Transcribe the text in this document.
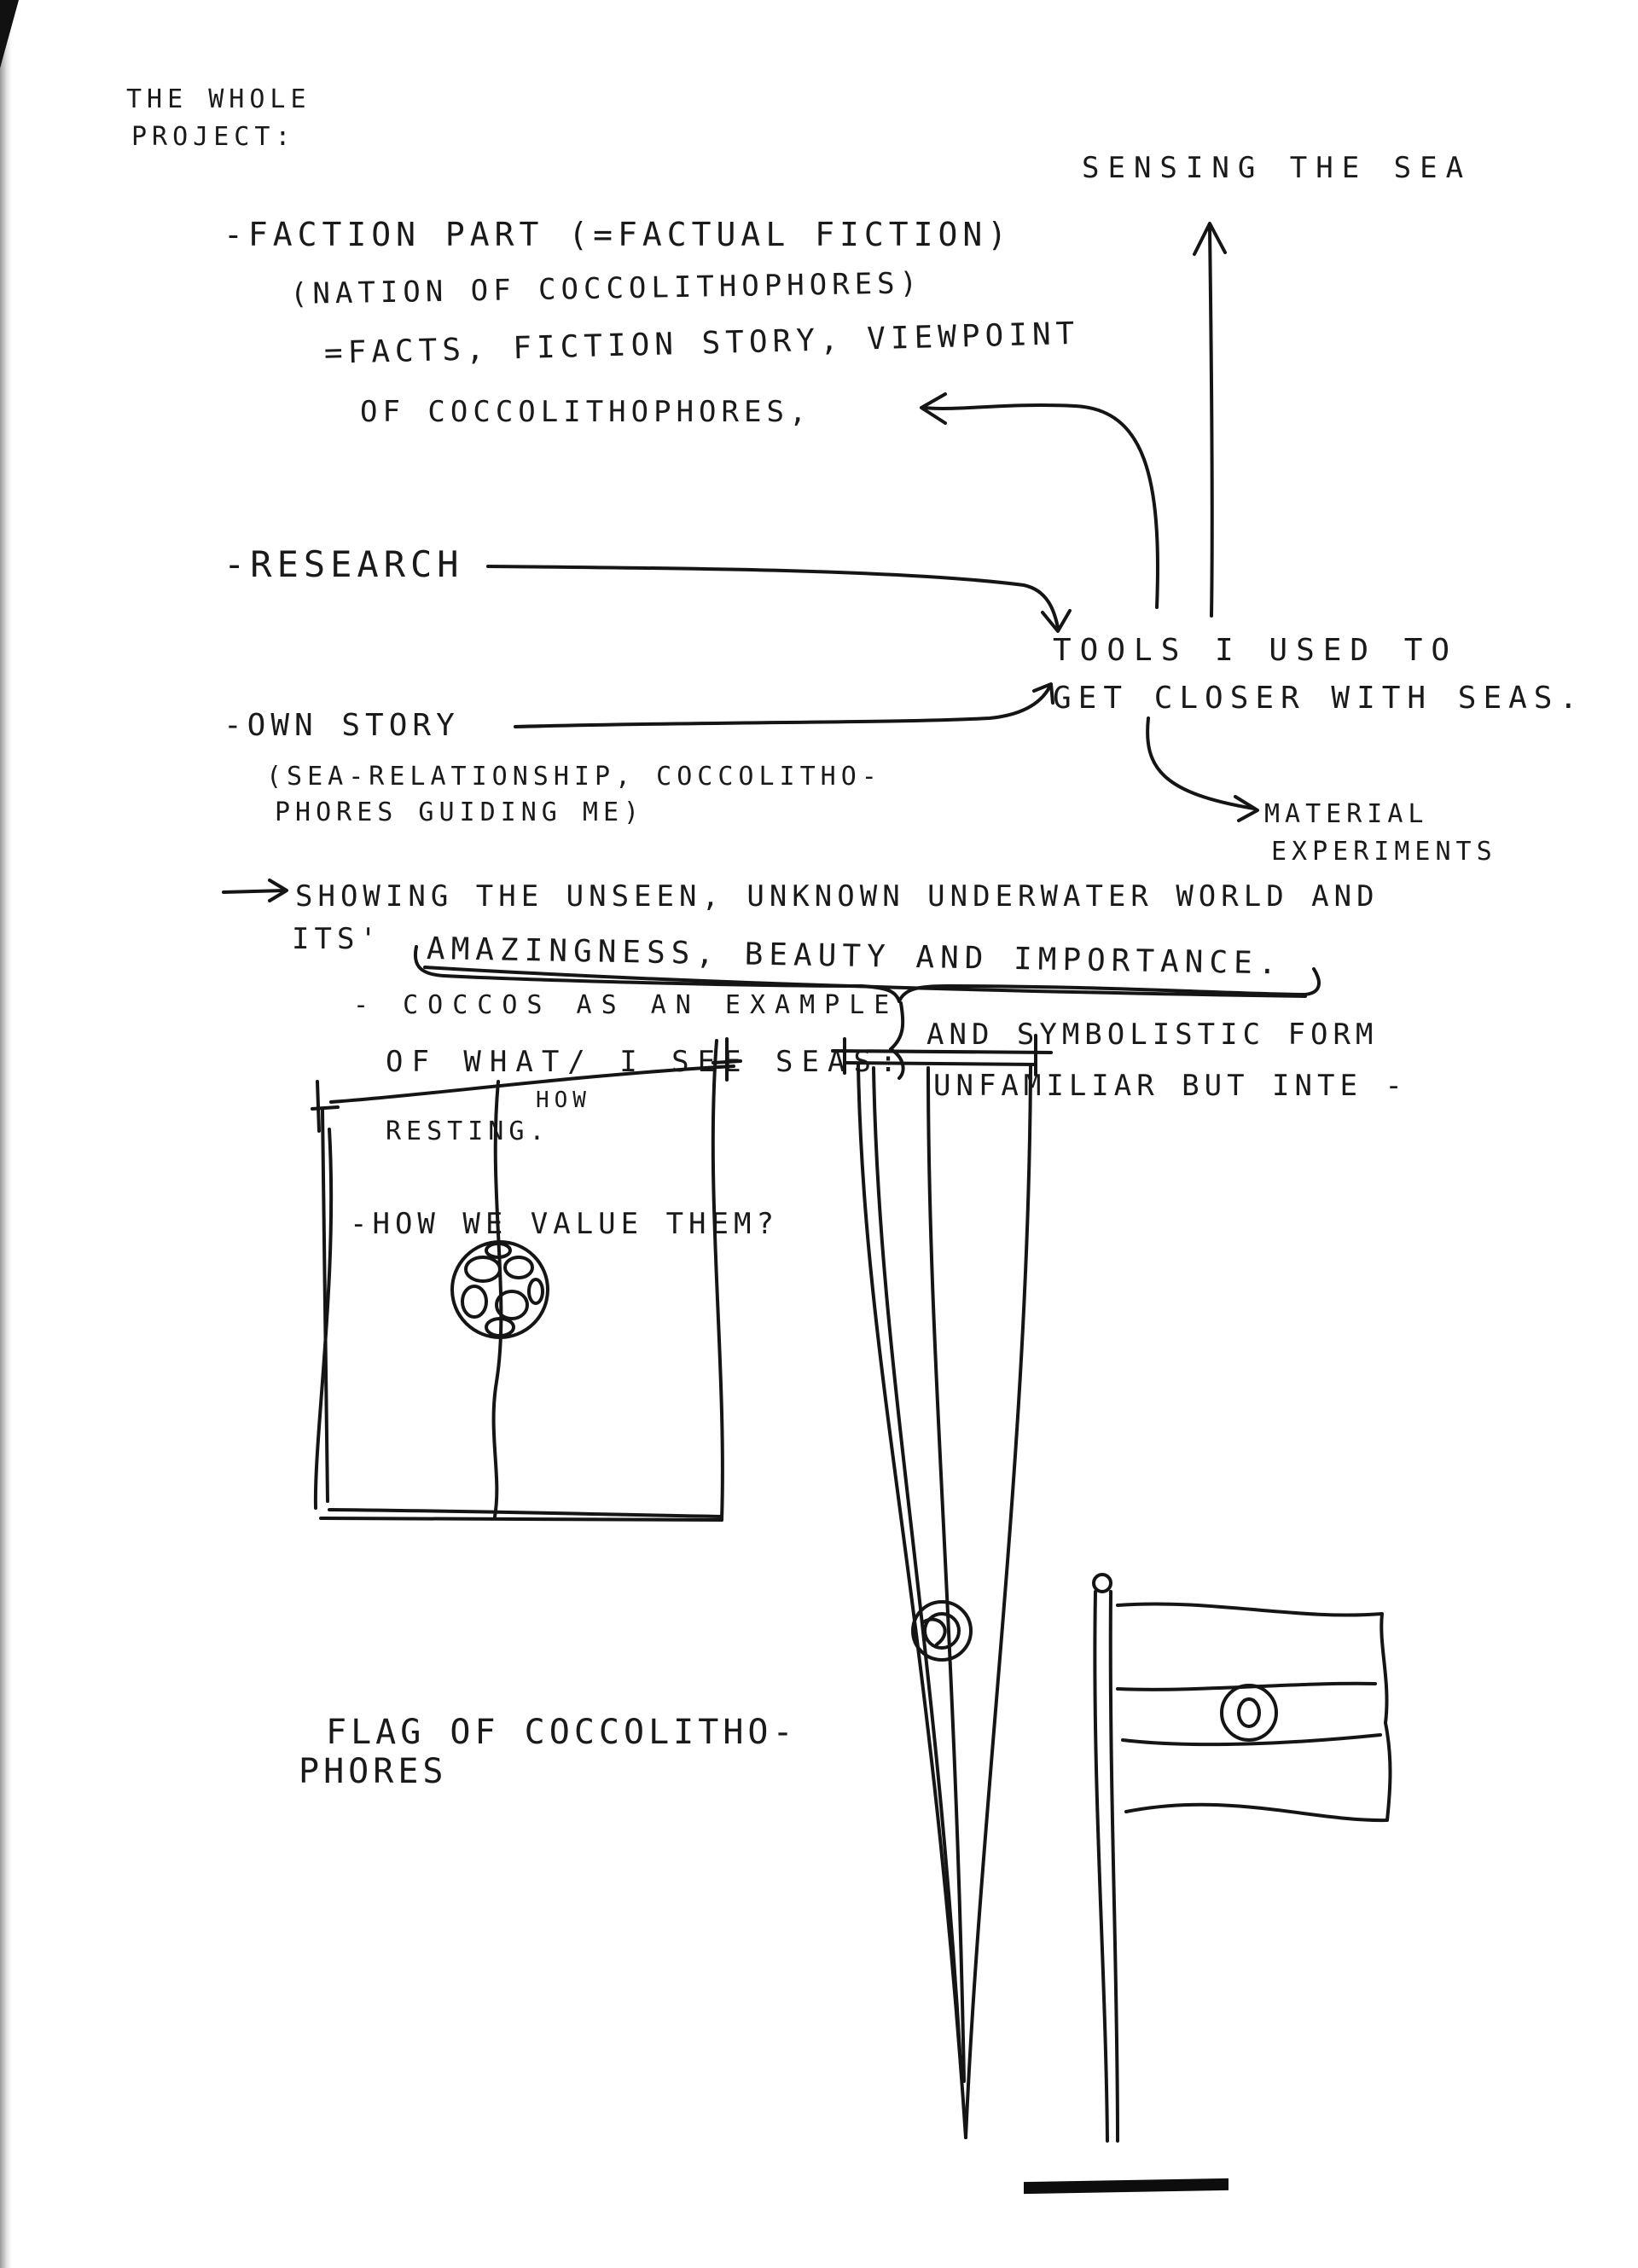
THE WHOLE
PROJECT:
SENSING THE SEA
-FACTION PART (=FACTUAL FICTION)
(NATION OF COCCOLITHOPHORES)
=FACTS, FICTION STORY, VIEWPOINT
OF COCCOLITHOPHORES,
-RESEARCH
TOOLS I USED TO
GET CLOSER WITH SEAS.
MATERIAL
EXPERIMENTS
-OWN STORY
(SEA-RELATIONSHIP, COCCOLITHO-
PHORES GUIDING ME)
SHOWING THE UNSEEN, UNKNOWN UNDERWATER WORLD AND
ITS' AMAZINGNESS, BEAUTY AND IMPORTANCE.
- COCCOS AS AN EXAMPLE
OF WHAT/ I SEE SEAS:
HOW
RESTING.
AND SYMBOLISTIC FORM
UNFAMILIAR BUT INTE -
-HOW WE VALUE THEM?
FLAG OF COCCOLITHO-
PHORES
